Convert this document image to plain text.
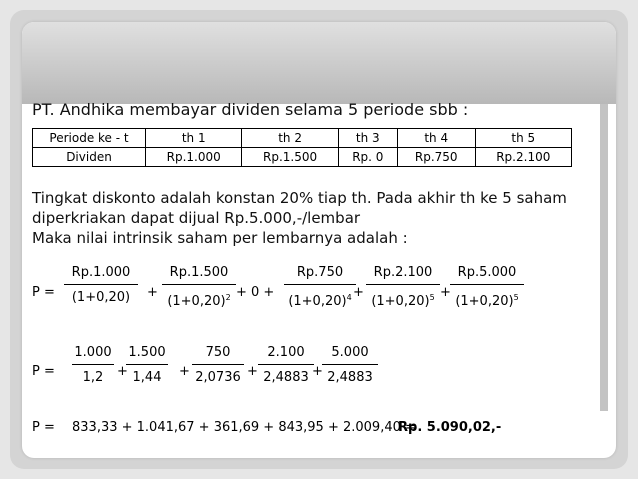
PT. Andhika membayar dividen selama 5 periode sbb :
Periode ke - t	th 1	th 2	th 3	th 4	th 5
Dividen	Rp.1.000	Rp.1.500	Rp. 0	Rp.750	Rp.2.100

Tingkat diskonto adalah konstan 20% tiap th. Pada akhir th ke 5 saham

diperkriakan dapat dijual Rp.5.000,-/lembar

Maka nilai intrinsik saham per lembarnya adalah :

P =
Rp.1.000
(1+0,20)	+
Rp.1.500
$(1+0,20)^2 + 0$ +
Rp.750
$(1+0,20)^4$ +
Rp.2.100
$(1+0,20)^5$ +
Rp.5.000
$(1+0,20)^5$
P =
1.000
1,2	+
1.500
1,44	+
750
2,0736 +
2.100
2,4883 +
5.000
2,4883
P = 833,33 + 1.041,67 + 361,69 + 843,95 + 2.009,40 =
Rp. 5.090,02,-
